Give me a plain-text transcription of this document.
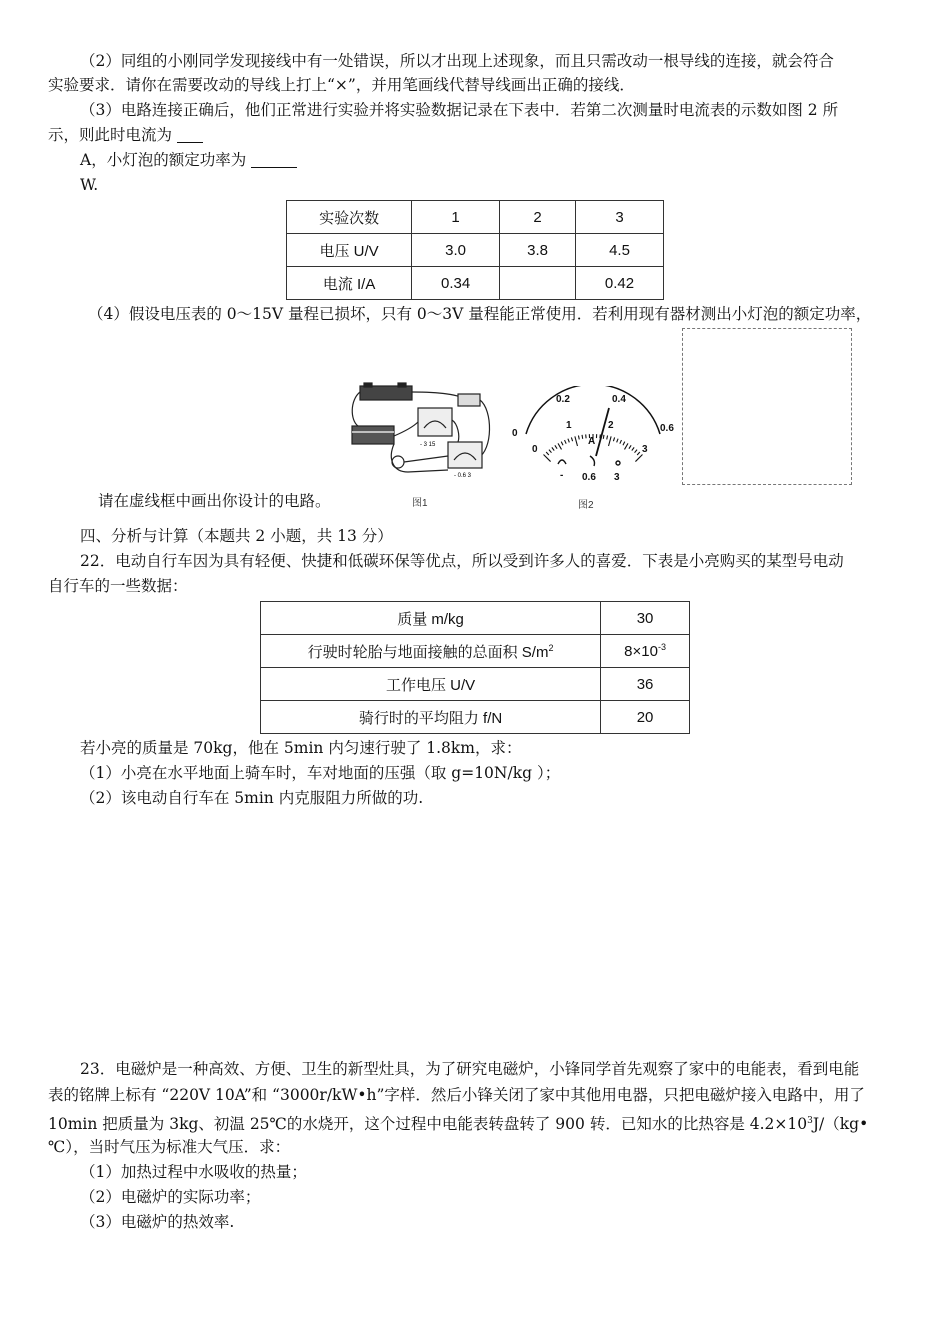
（2）同组的小刚同学发现接线中有一处错误，所以才出现上述现象，而且只需改动一根导线的连接，就会符合
实验要求．请你在需要改动的导线上打上“×”，并用笔画线代替导线画出正确的接线．
（3）电路连接正确后，他们正常进行实验并将实验数据记录在下表中．若第二次测量时电流表的示数如图 2 所
示，则此时电流为
A，小灯泡的额定功率为
W.
实验次数	1	2	3
电压 U/V	3.0	3.8	4.5
电流 I/A	0.34		0.42
（4）假设电压表的 0～15V 量程已损坏，只有 0～3V 量程能正常使用．若利用现有器材测出小灯泡的额定功率，
- 3 15
- 0.6 3
图1
0
0.2	0.4
0.6
0
1	2
3
A
- 0.6 3
图2
请在虚线框中画出你设计的电路。
四、分析与计算（本题共 2 小题，共 13 分）
22．电动自行车因为具有轻便、快捷和低碳环保等优点，所以受到许多人的喜爱．下表是小亮购买的某型号电动
自行车的一些数据：
质量 m/kg	30
行驶时轮胎与地面接触的总面积 $S/m^2$	$8\times 10^{-3}$
工作电压 U/V	36
骑行时的平均阻力 f/N	20
若小亮的质量是 70kg，他在 5min 内匀速行驶了 1.8km，求：
（1）小亮在水平地面上骑车时，车对地面的压强（取 g=10N/kg ）；
（2）该电动自行车在 5min 内克服阻力所做的功.
23．电磁炉是一种高效、方便、卫生的新型灶具，为了研究电磁炉，小锋同学首先观察了家中的电能表，看到电能
表的铭牌上标有 “220V 10A”和 “3000r/kW•h”字样．然后小锋关闭了家中其他用电器，只把电磁炉接入电路中，用了
10min 把质量为 3kg、初温 25℃的水烧开，这个过程中电能表转盘转了 900 转．已知水的比热容是 $4.2\times 10^3J/(kg•$
℃），当时气压为标准大气压．求：
（1）加热过程中水吸收的热量；
（2）电磁炉的实际功率；
（3）电磁炉的热效率.
